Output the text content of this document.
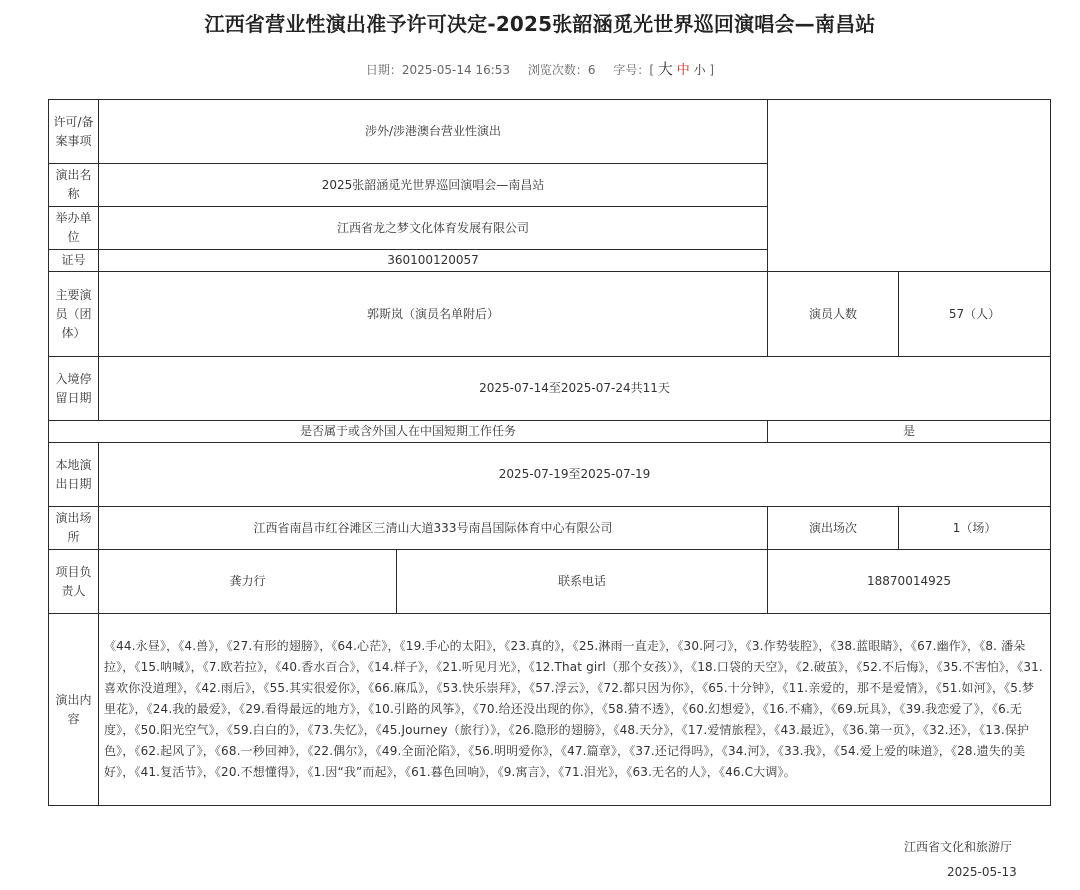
江西省营业性演出准予许可决定-2025张韶涵觅光世界巡回演唱会—南昌站
日期：2025-05-14 16:53 浏览次数：6 字号：[ 大 中 小 ]
许可/备案事项	涉外/涉港澳台营业性演出			
演出名称	2025张韶涵觅光世界巡回演唱会—南昌站			
举办单位	江西省龙之梦文化体育发展有限公司			
证号	360100120057			
主要演员（团体）	郭斯岚（演员名单附后）		演员人数	57（人）
入境停留日期	2025-07-14至2025-07-24共11天			
是否属于或含外国人在中国短期工作任务			是	
本地演出日期	2025-07-19至2025-07-19			
演出场所	江西省南昌市红谷滩区三清山大道333号南昌国际体育中心有限公司		演出场次	1（场）
项目负责人	龚力行	联系电话	18870014925	
演出内容	《44.永昼》，《4.兽》，《27.有形的翅膀》，《64.心茫》，《19.手心的太阳》，《23.真的》，《25.淋雨一直走》，《30.阿刁》，《3.作势装腔》，《38.蓝眼睛》，《67.幽作》，《8. 潘朵拉》，《15.呐喊》，《7.欧若拉》，《40.香水百合》，《14.样子》，《21.听见月光》，《12.That girl（那个女孩）》，《18.口袋的天空》，《2.破茧》，《52.不后悔》，《35.不害怕》，《31.喜欢你没道理》，《42.雨后》，《55.其实很爱你》，《66.麻瓜》，《53.快乐崇拜》，《57.浮云》，《72.都只因为你》，《65.十分钟》，《11.亲爱的，那不是爱情》，《51.如河》，《5.梦里花》，《24.我的最爱》，《29.看得最远的地方》，《10.引路的风筝》，《70.给还没出现的你》，《58.猜不透》，《60.幻想爱》，《16.不痛》，《69.玩具》，《39.我恋爱了》，《6.无度》，《50.阳光空气》，《59.白白的》，《73.失忆》，《45.Journey（旅行）》，《26.隐形的翅膀》，《48.天分》，《17.爱情旅程》，《43.最近》，《36.第一页》，《32.还》，《13.保护色》，《62.起风了》，《68.一秒回神》，《22.偶尔》，《49.全面沦陷》，《56.明明爱你》，《47.篇章》，《37.还记得吗》，《34.河》，《33.我》，《54.爱上爱的味道》，《28.遗失的美好》，《41.复活节》，《20.不想懂得》，《1.因“我”而起》，《61.暮色回响》，《9.寓言》，《71.泪光》，《63.无名的人》，《46.C大调》。			
江西省文化和旅游厅
2025-05-13
